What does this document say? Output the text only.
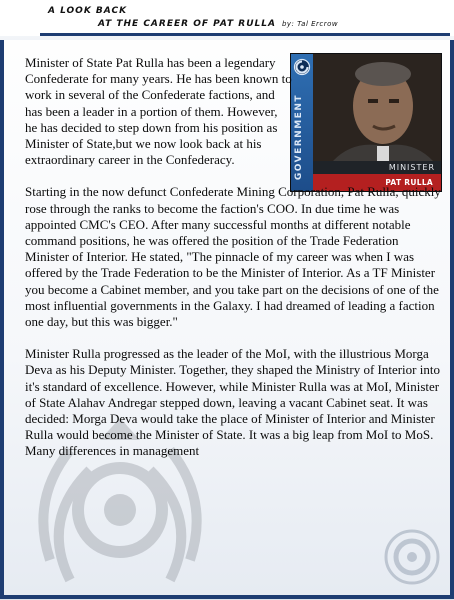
A LOOK BACK
AT THE CAREER OF PAT RULLA by: Tal Ercrow
GOVERNMENT	MINISTER
PAT RULLA

Minister of State Pat Rulla has been a legendary Confederate for many years. He has been known to work in several of the Confederate factions, and has been a leader in a portion of them. However, he has decided to step down from his position as Minister of State,but we now look back at his extraordinary career in the Confederacy.

Starting in the now defunct Confederate Mining Corporation, Pat Rulla, quickly rose through the ranks to become the faction's COO. In due time he was appointed CMC's CEO. After many successful months at different notable command positions, he was offered the position of the Trade Federation Minister of Interior. He stated, "The pinnacle of my career was when I was offered by the Trade Federation to be the Minister of Interior. As a TF Minister you become a Cabinet member, and you take part on the decisions of one of the most influential governments in the Galaxy. I had dreamed of leading a faction one day, but this was bigger."

Minister Rulla progressed as the leader of the MoI, with the illustrious Morga Deva as his Deputy Minister. Together, they shaped the Ministry of Interior into it's standard of excellence. However, while Minister Rulla was at MoI, Minister of State Alahav Andregar stepped down, leaving a vacant Cabinet seat. It was decided: Morga Deva would take the place of Minister of Interior and Minister Rulla would become the Minister of State. It was a big leap from MoI to MoS. Many differences in management
